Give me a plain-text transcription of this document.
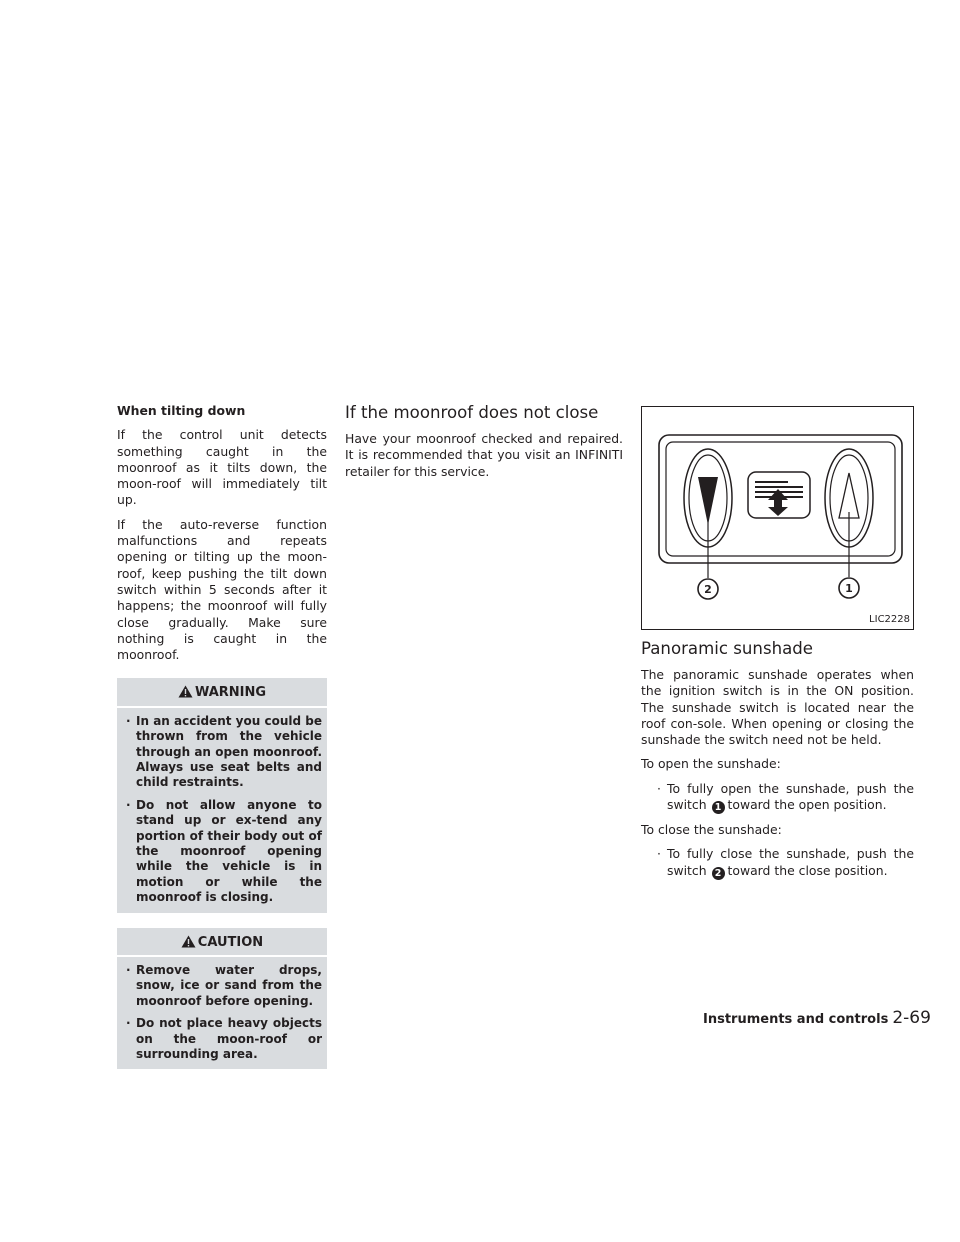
When tilting down

If the control unit detects something caught in the moonroof as it tilts down, the moon-roof will immediately tilt up.

If the auto-reverse function malfunctions and repeats opening or tilting up the moon-roof, keep pushing the tilt down switch within 5 seconds after it happens; the moonroof will fully close gradually. Make sure nothing is caught in the moonroof.

WARNING
· In an accident you could be thrown from the vehicle through an open moonroof. Always use seat belts and child restraints.
· Do not allow anyone to stand up or ex-tend any portion of their body out of the moonroof opening while the vehicle is in motion or while the moonroof is closing.
CAUTION
· Remove water drops, snow, ice or sand from the moonroof before opening.
· Do not place heavy objects on the moon-roof or surrounding area.
If the moonroof does not close

Have your moonroof checked and repaired. It is recommended that you visit an INFINITI retailer for this service.

2	1
LIC2228
Panoramic sunshade

The panoramic sunshade operates when the ignition switch is in the ON position. The sunshade switch is located near the roof con-sole. When opening or closing the sunshade the switch need not be held.

To open the sunshade:

· To fully open the sunshade, push the switch 1 toward the open position.

To close the sunshade:

· To fully close the sunshade, push the switch 2 toward the close position.
Instruments and controls 2-69
